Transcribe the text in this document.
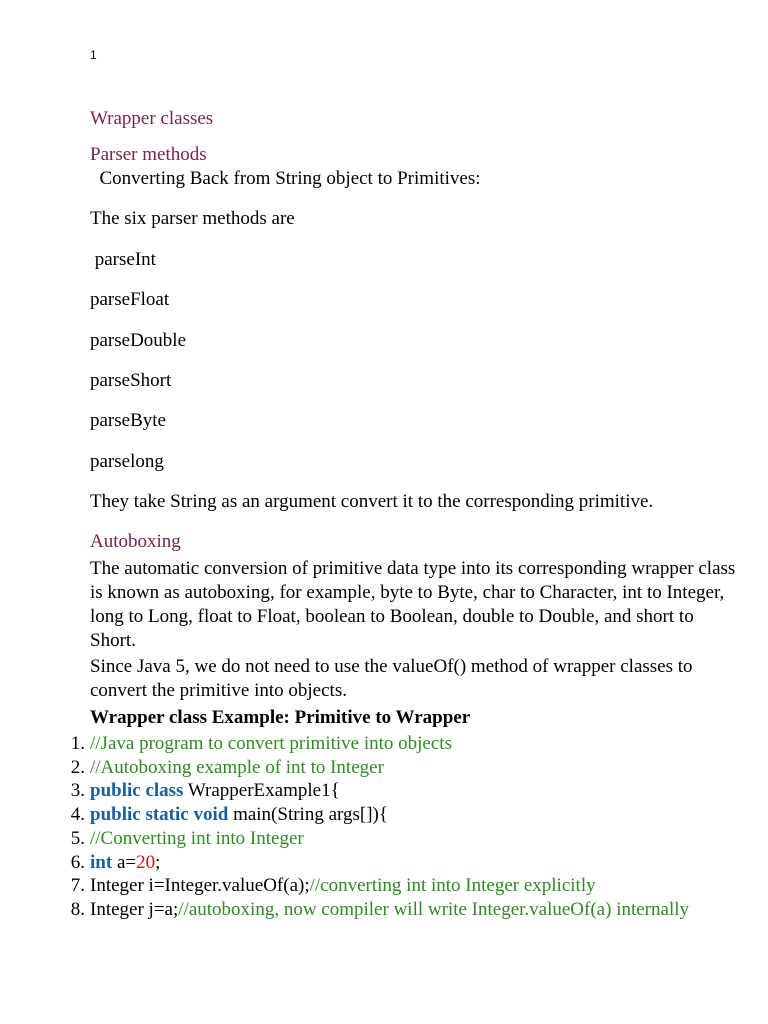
1
Wrapper classes
Parser methods
Converting Back from String object to Primitives:
The six parser methods are
parseInt
parseFloat
parseDouble
parseShort
parseByte
parselong
They take String as an argument convert it to the corresponding primitive.
Autoboxing
The automatic conversion of primitive data type into its corresponding wrapper class is known as autoboxing, for example, byte to Byte, char to Character, int to Integer, long to Long, float to Float, boolean to Boolean, double to Double, and short to Short.
Since Java 5, we do not need to use the valueOf() method of wrapper classes to convert the primitive into objects.
Wrapper class Example: Primitive to Wrapper
1. //Java program to convert primitive into objects
2. //Autoboxing example of int to Integer
3. public class WrapperExample1{
4. public static void main(String args[]){
5. //Converting int into Integer
6. int a=20;
7. Integer i=Integer.valueOf(a);//converting int into Integer explicitly
8. Integer j=a;//autoboxing, now compiler will write Integer.valueOf(a) internally
